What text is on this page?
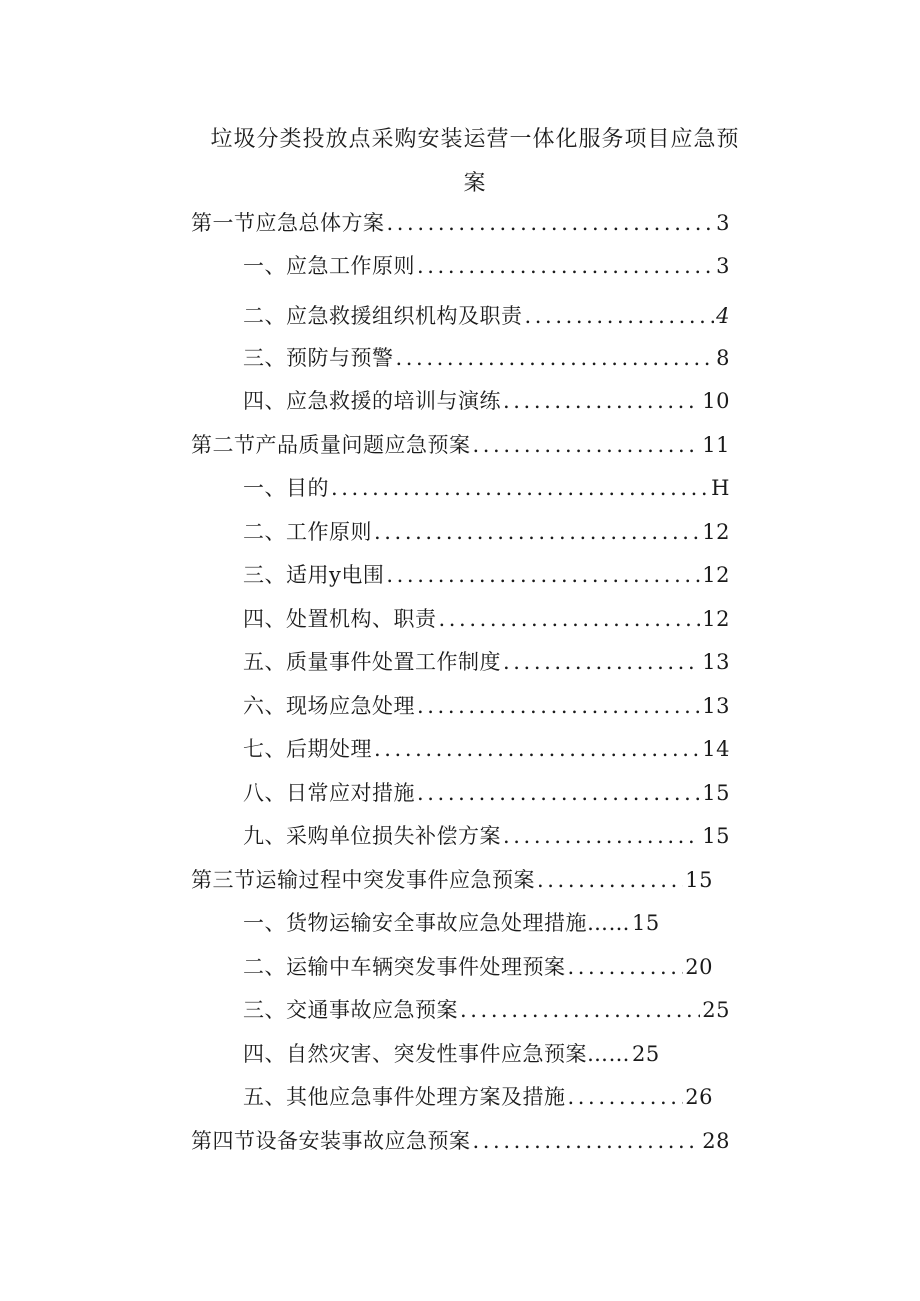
垃圾分类投放点采购安装运营一体化服务项目应急预
案
第一节应急总体方案 .....	3
一、应急工作原则 .....	3
二、应急救援组织机构及职责 .....	4
三、预防与预警 .....	8
四、应急救援的培训与演练 .....	10
第二节产品质量问题应急预案 .....	11
一、目的 .....	H
二、工作原则 .....	12
三、适用y电围 .....	12
四、处置机构、职责 .....	12
五、质量事件处置工作制度 .....	13
六、现场应急处理 .....	13
七、后期处理 .....	14
八、日常应对措施 .....	15
九、采购单位损失补偿方案 .....	15
第三节运输过程中突发事件应急预案 .....	15
一、货物运输安全事故应急处理措施…… 15
二、运输中车辆突发事件处理预案 .....	20
三、交通事故应急预案 .....	25
四、自然灾害、突发性事件应急预案…… 25
五、其他应急事件处理方案及措施 .....	26
第四节设备安装事故应急预案 .....	28
